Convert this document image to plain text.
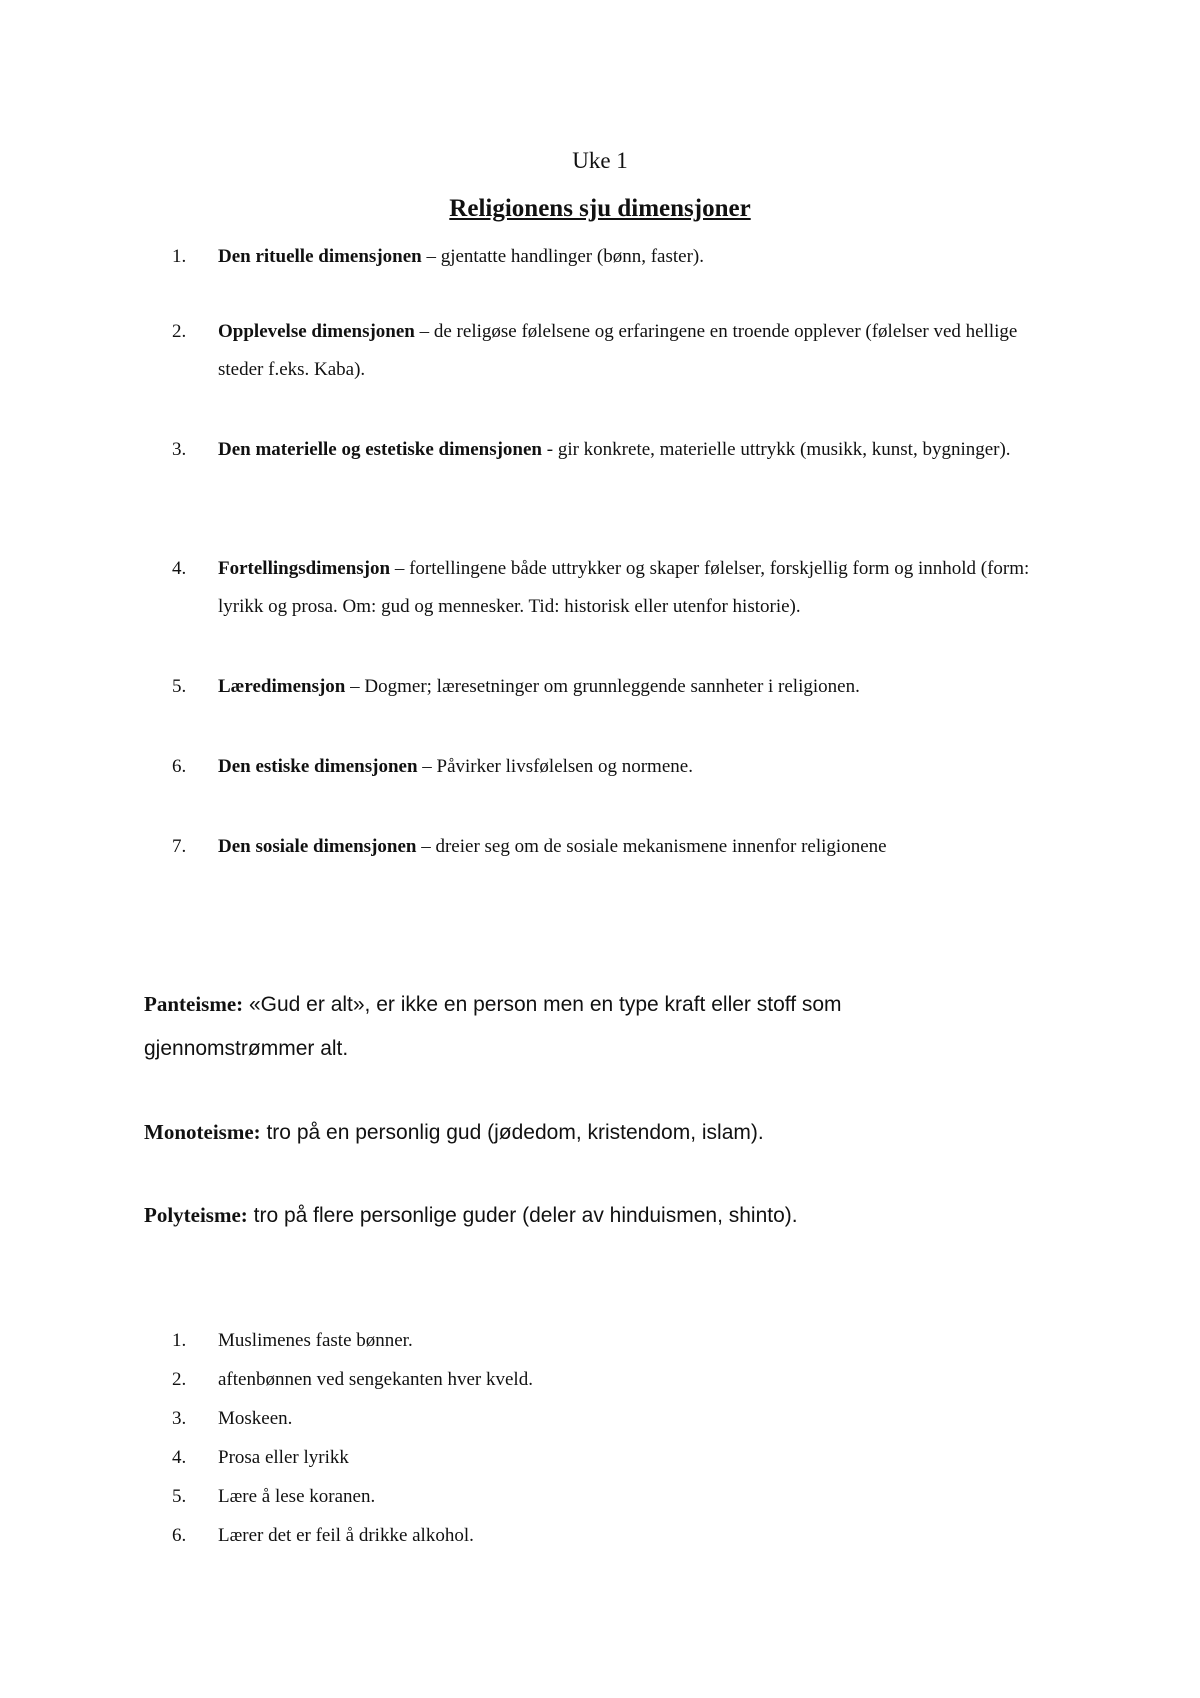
Uke 1
Religionens sju dimensjoner
1.	Den rituelle dimensjonen – gjentatte handlinger (bønn, faster).
2.	Opplevelse dimensjonen – de religøse følelsene og erfaringene en troende opplever (følelser ved hellige steder f.eks. Kaba).
3.	Den materielle og estetiske dimensjonen - gir konkrete, materielle uttrykk (musikk, kunst, bygninger).
4.	Fortellingsdimensjon – fortellingene både uttrykker og skaper følelser, forskjellig form og innhold (form: lyrikk og prosa. Om: gud og mennesker. Tid: historisk eller utenfor historie).
5.	Læredimensjon – Dogmer; læresetninger om grunnleggende sannheter i religionen.
6.	Den estiske dimensjonen – Påvirker livsfølelsen og normene.
7.	Den sosiale dimensjonen – dreier seg om de sosiale mekanismene innenfor religionene
Panteisme: «Gud er alt», er ikke en person men en type kraft eller stoff som gjennomstrømmer alt.
Monoteisme: tro på en personlig gud (jødedom, kristendom, islam).
Polyteisme: tro på flere personlige guder (deler av hinduismen, shinto).
1.	Muslimenes faste bønner.
2.	aftenbønnen ved sengekanten hver kveld.
3.	Moskeen.
4.	Prosa eller lyrikk
5.	Lære å lese koranen.
6.	Lærer det er feil å drikke alkohol.
